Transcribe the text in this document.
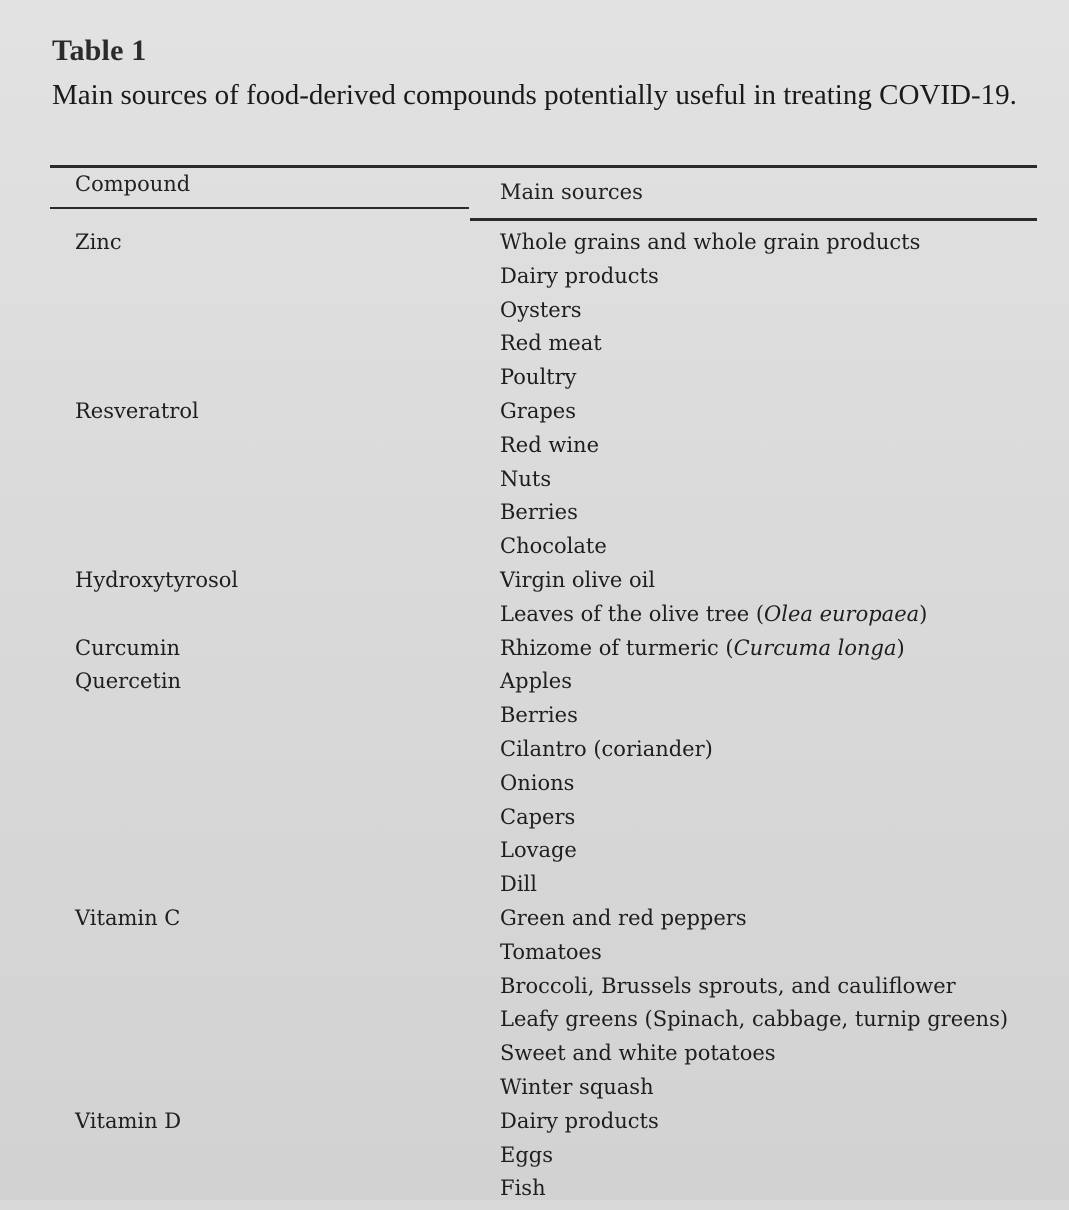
Table 1
Main sources of food-derived compounds potentially useful in treating COVID-19.
Compound	Main sources
Zinc	Whole grains and whole grain products
Dairy products
Oysters
Red meat
Poultry
Resveratrol	Grapes
Red wine
Nuts
Berries
Chocolate
Hydroxytyrosol	Virgin olive oil
Leaves of the olive tree (Olea europaea)
Curcumin	Rhizome of turmeric (Curcuma longa)
Quercetin	Apples
Berries
Cilantro (coriander)
Onions
Capers
Lovage
Dill
Vitamin C	Green and red peppers
Tomatoes
Broccoli, Brussels sprouts, and cauliflower
Leafy greens (Spinach, cabbage, turnip greens)
Sweet and white potatoes
Winter squash
Vitamin D	Dairy products
Eggs
Fish
